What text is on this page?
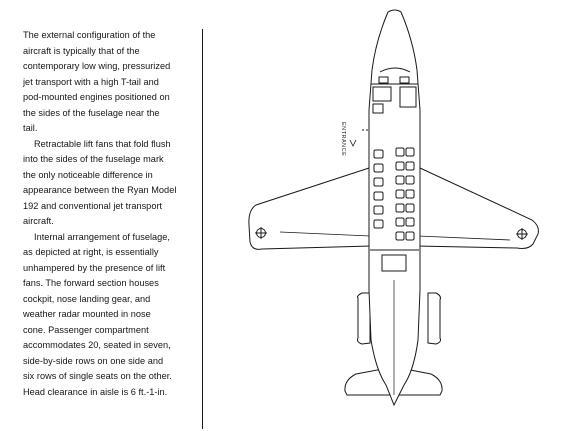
The external configuration of the
aircraft is typically that of the
contemporary low wing, pressurized
jet transport with a high T-tail and
pod-mounted engines positioned on
the sides of the fuselage near the
tail.

Retractable lift fans that fold flush
into the sides of the fuselage mark
the only noticeable difference in
appearance between the Ryan Model
192 and conventional jet transport
aircraft.

Internal arrangement of fuselage,
as depicted at right, is essentially
unhampered by the presence of lift
fans. The forward section houses
cockpit, nose landing gear, and
weather radar mounted in nose
cone. Passenger compartment
accommodates 20, seated in seven,
side-by-side rows on one side and
six rows of single seats on the other.
Head clearance in aisle is 6 ft.-1-in.

ENTRANCE
